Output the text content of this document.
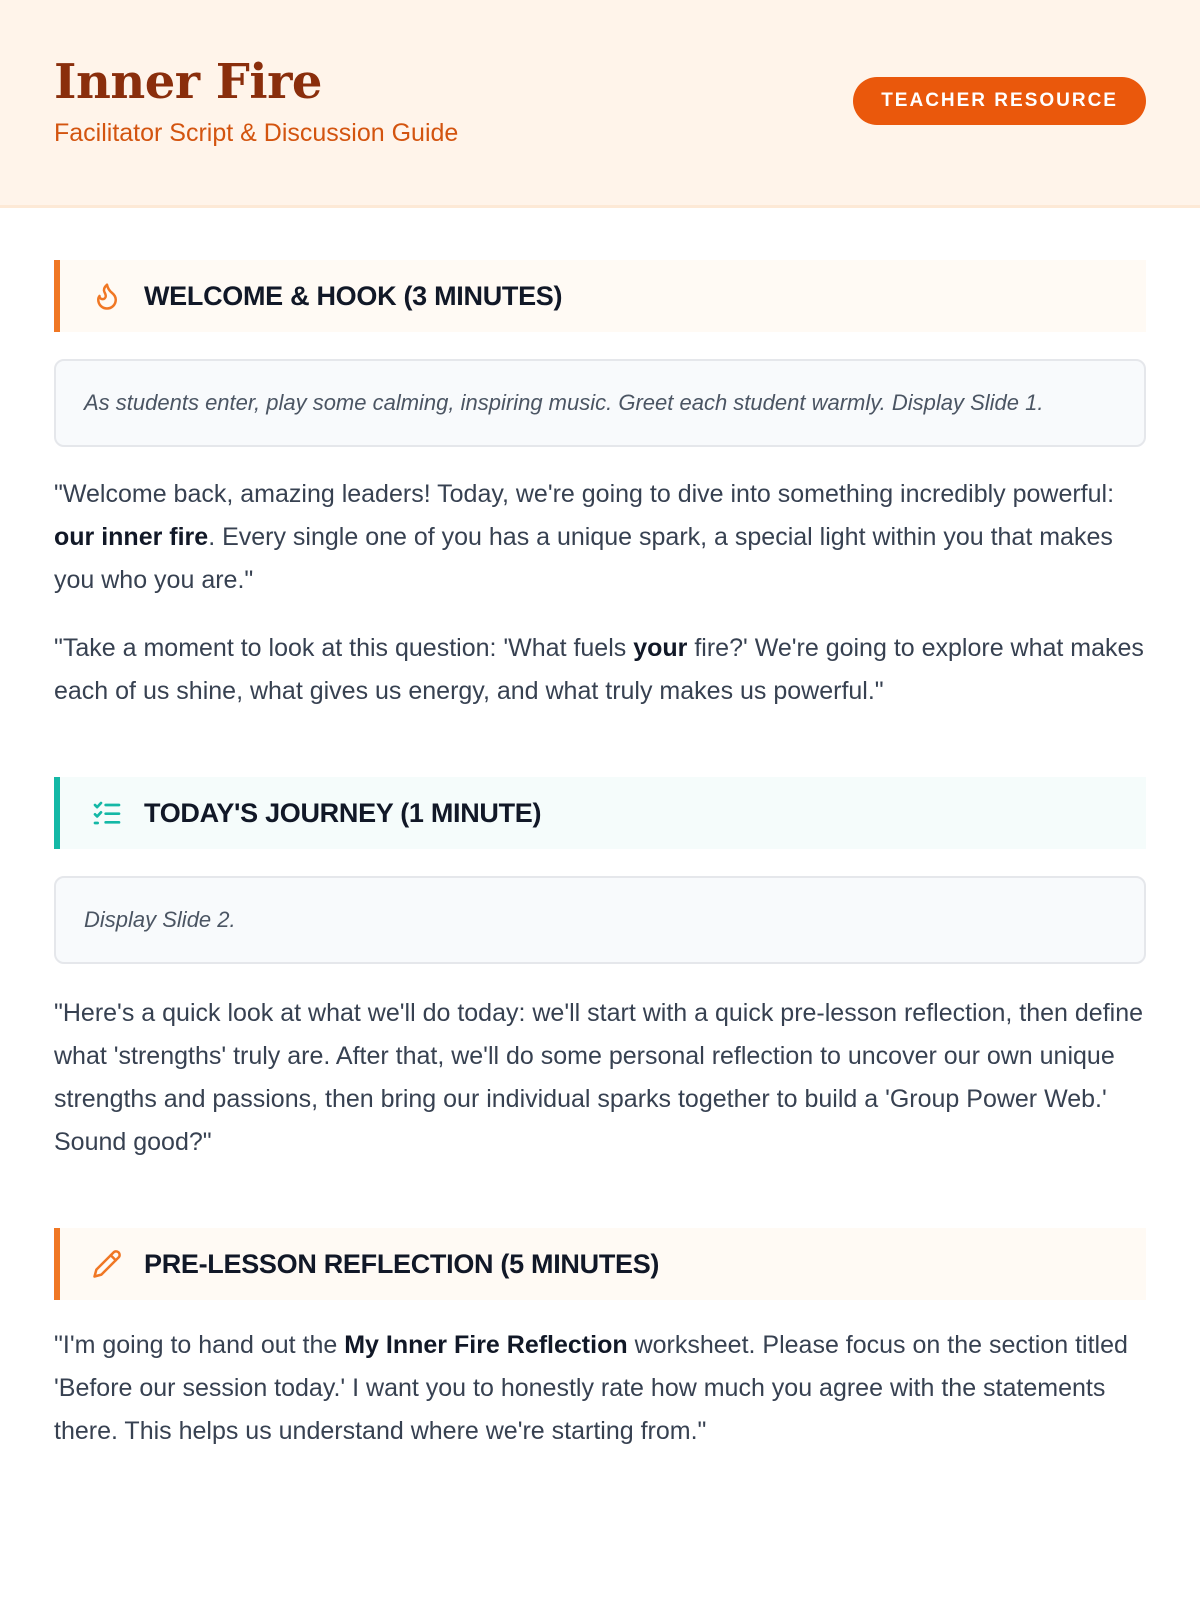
Inner Fire
Facilitator Script & Discussion Guide
TEACHER RESOURCE
WELCOME & HOOK (3 MINUTES)
As students enter, play some calming, inspiring music. Greet each student warmly. Display Slide 1.

"Welcome back, amazing leaders! Today, we're going to dive into something incredibly powerful: our inner fire. Every single one of you has a unique spark, a special light within you that makes you who you are."

"Take a moment to look at this question: 'What fuels your fire?' We're going to explore what makes each of us shine, what gives us energy, and what truly makes us powerful."

TODAY'S JOURNEY (1 MINUTE)
Display Slide 2.

"Here's a quick look at what we'll do today: we'll start with a quick pre-lesson reflection, then define what 'strengths' truly are. After that, we'll do some personal reflection to uncover our own unique strengths and passions, then bring our individual sparks together to build a 'Group Power Web.' Sound good?"

PRE-LESSON REFLECTION (5 MINUTES)

"I'm going to hand out the My Inner Fire Reflection worksheet. Please focus on the section titled 'Before our session today.' I want you to honestly rate how much you agree with the statements there. This helps us understand where we're starting from."
